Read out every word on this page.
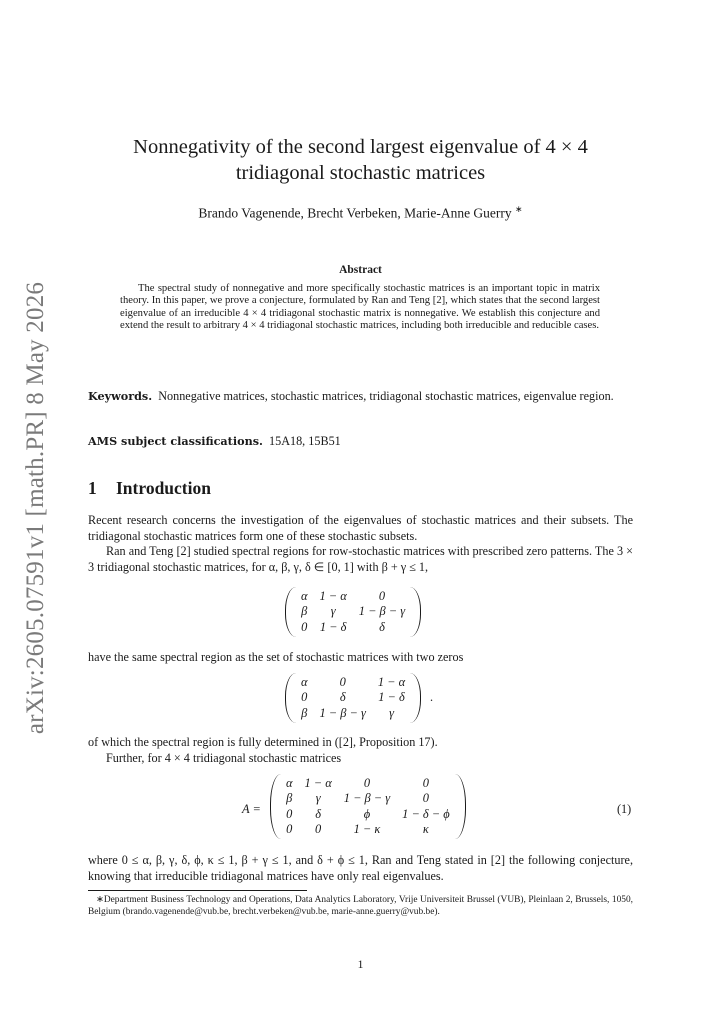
arXiv:2605.07591v1 [math.PR] 8 May 2026
Nonnegativity of the second largest eigenvalue of 4 × 4 tridiagonal stochastic matrices
Brando Vagenende, Brecht Verbeken, Marie-Anne Guerry ∗
Abstract
The spectral study of nonnegative and more specifically stochastic matrices is an important topic in matrix theory. In this paper, we prove a conjecture, formulated by Ran and Teng [2], which states that the second largest eigenvalue of an irreducible 4 × 4 tridiagonal stochastic matrix is nonnegative. We establish this conjecture and extend the result to arbitrary 4 × 4 tridiagonal stochastic matrices, including both irreducible and reducible cases.
Keywords. Nonnegative matrices, stochastic matrices, tridiagonal stochastic matrices, eigenvalue region.
AMS subject classifications. 15A18, 15B51
1 Introduction
Recent research concerns the investigation of the eigenvalues of stochastic matrices and their subsets. The tridiagonal stochastic matrices form one of these stochastic subsets.
Ran and Teng [2] studied spectral regions for row-stochastic matrices with prescribed zero patterns. The 3 × 3 tridiagonal stochastic matrices, for α, β, γ, δ ∈ [0, 1] with β + γ ≤ 1,
α	1 − α	0
β	γ	1 − β − γ
0	1 − δ	δ
have the same spectral region as the set of stochastic matrices with two zeros
α	0	1 − α
0	δ	1 − δ
β	1 − β − γ	γ
.
of which the spectral region is fully determined in ([2], Proposition 17).
Further, for 4 × 4 tridiagonal stochastic matrices
A =
α	1 − α	0	0
β	γ	1 − β − γ	0
0	δ	ϕ	1 − δ − ϕ
0	0	1 − κ	κ
(1)
where 0 ≤ α, β, γ, δ, ϕ, κ ≤ 1, β + γ ≤ 1, and δ + ϕ ≤ 1, Ran and Teng stated in [2] the following conjecture, knowing that irreducible tridiagonal matrices have only real eigenvalues.
∗Department Business Technology and Operations, Data Analytics Laboratory, Vrije Universiteit Brussel (VUB), Pleinlaan 2, Brussels, 1050, Belgium (brando.vagenende@vub.be, brecht.verbeken@vub.be, marie-anne.guerry@vub.be).
1
